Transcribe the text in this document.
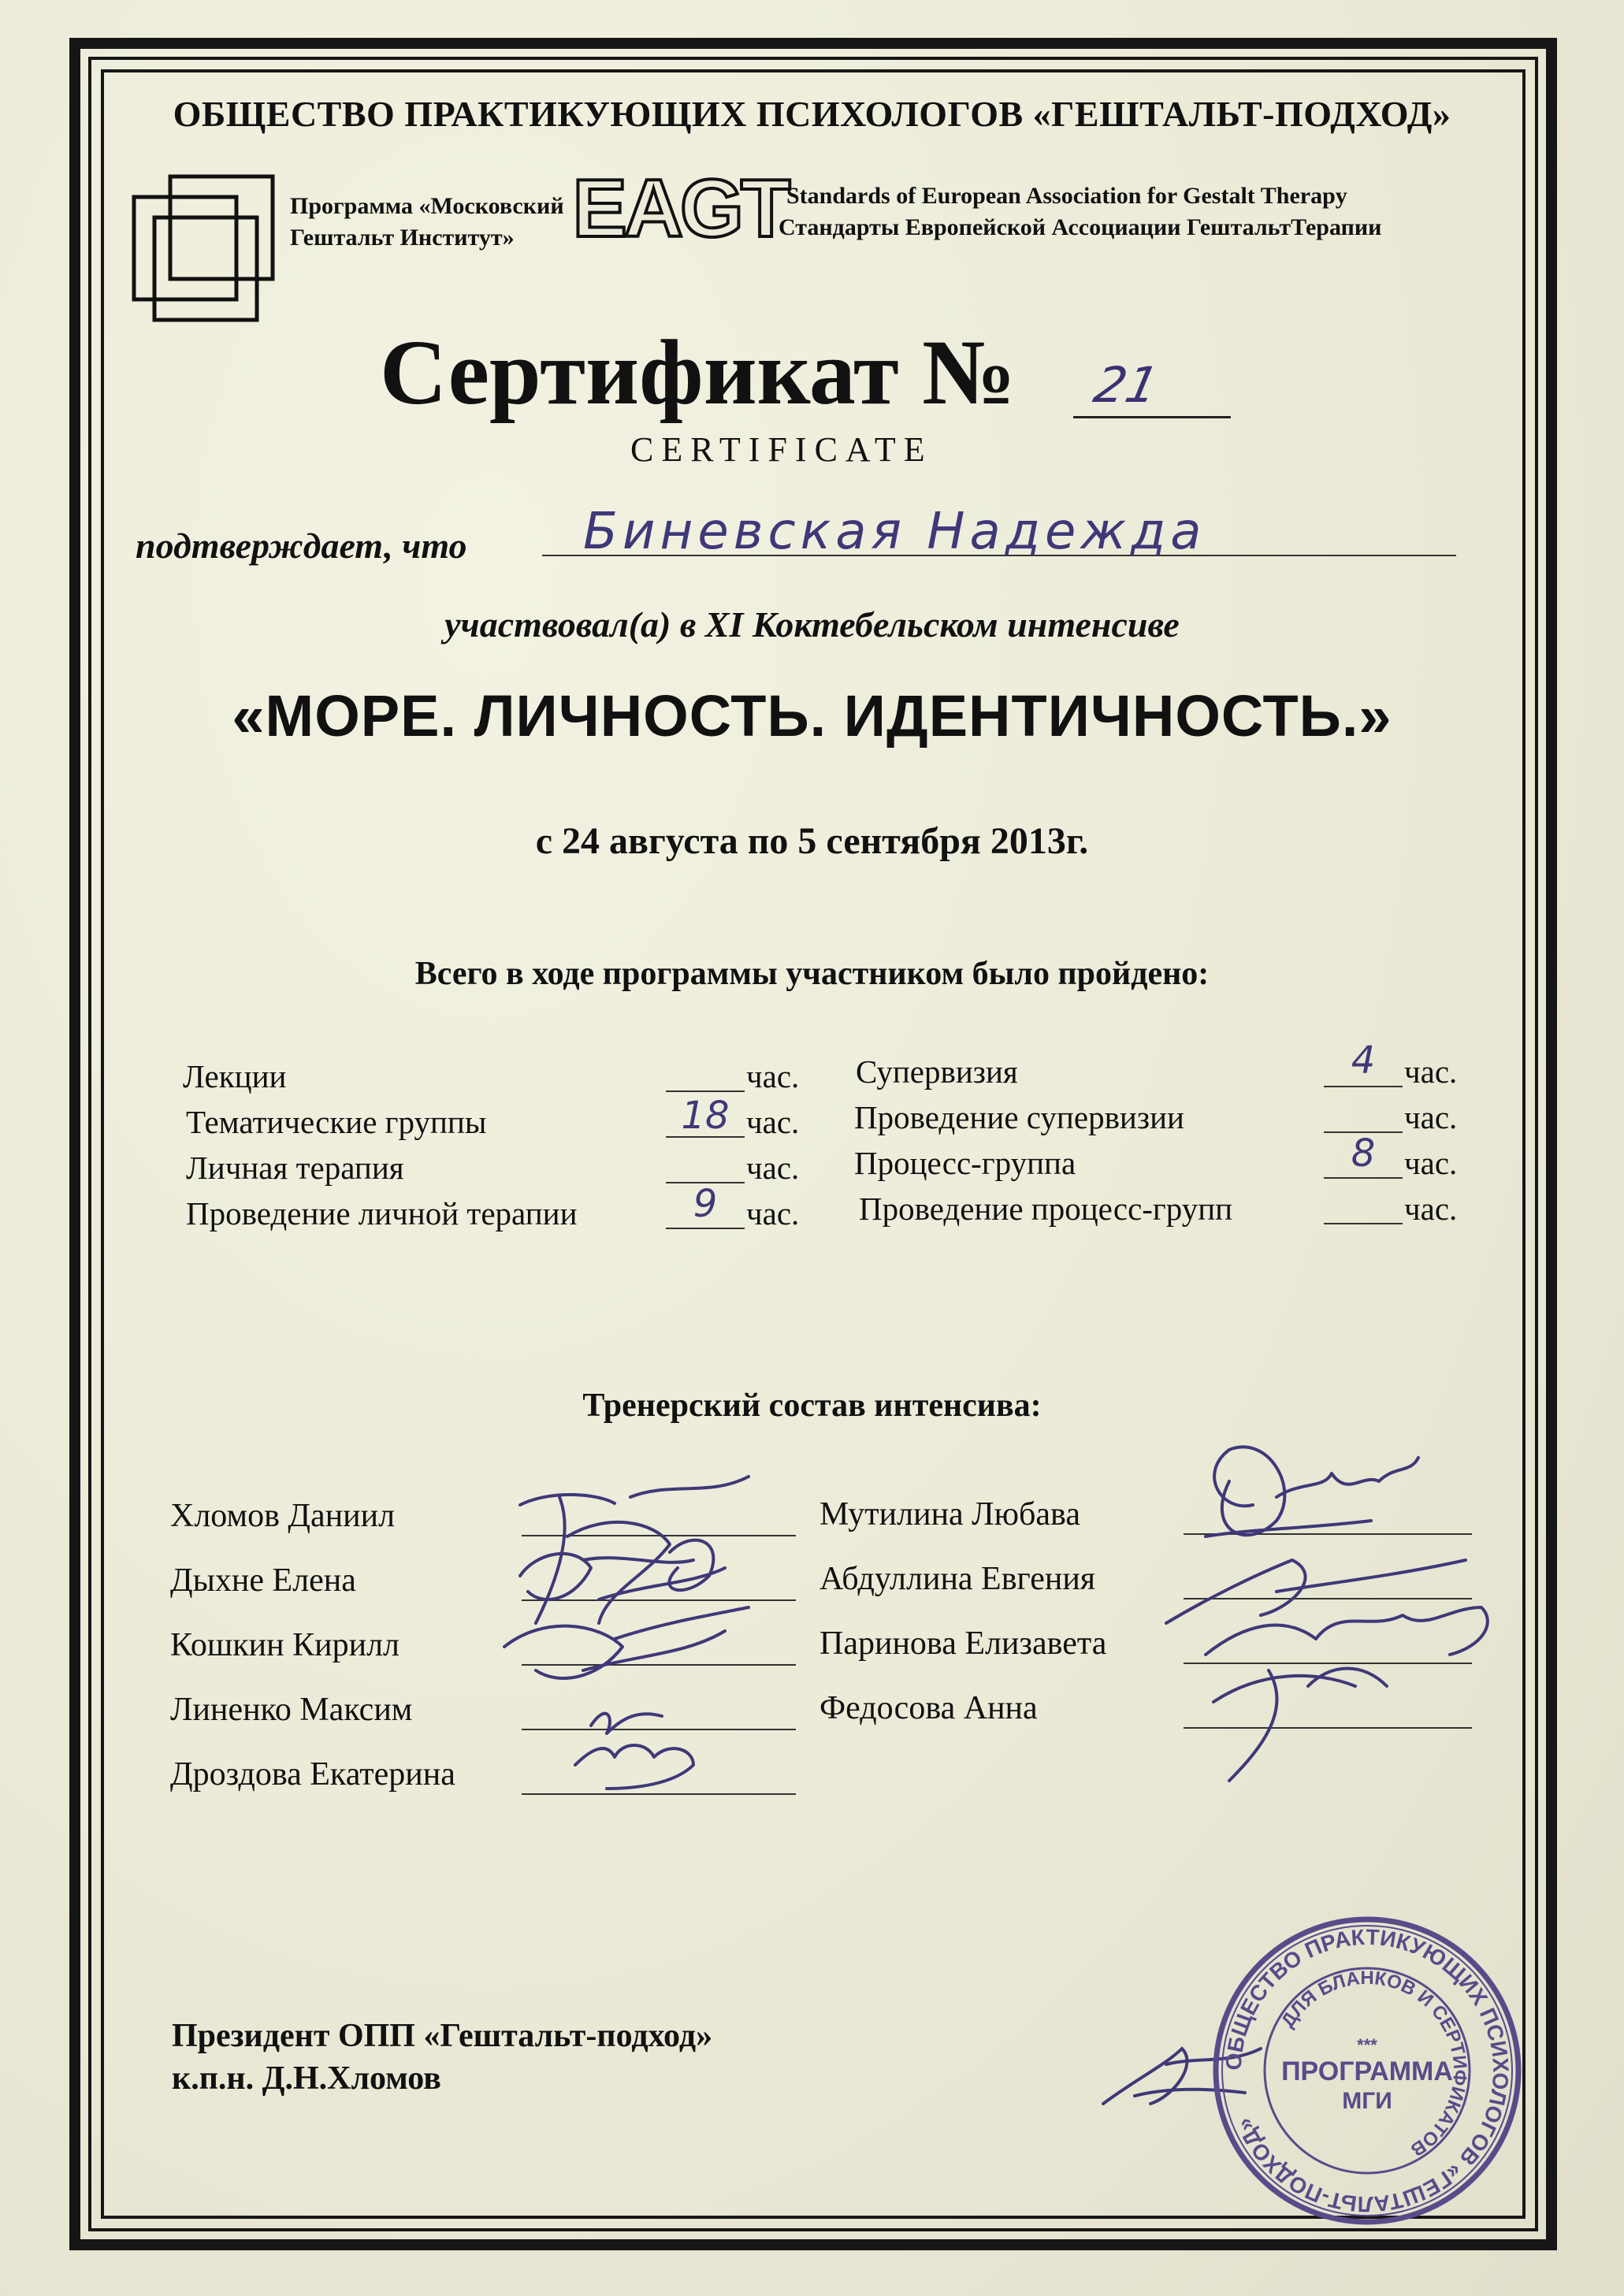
ОБЩЕСТВО ПРАКТИКУЮЩИХ ПСИХОЛОГОВ «ГЕШТАЛЬТ-ПОДХОД»
Программа «Московский
Гештальт Институт» EAGT
Standards of European Association for Gestalt Therapy
Стандарты Европейской Ассоциации ГештальтТерапии
Сертификат № 21
CERTIFICATE
подтверждает, что Биневская Надежда
участвовал(а) в XI Коктебельском интенсиве
«МОРЕ. ЛИЧНОСТЬ. ИДЕНТИЧНОСТЬ.»
с 24 августа по 5 сентября 2013г.
Всего в ходе программы участником было пройдено:
Лекции	час.
Тематические группы	18 час.
Личная терапия	час.
Проведение личной терапии	9 час.
Супервизия	4 час.
Проведение супервизии	час.
Процесс-группа	8 час.
Проведение процесс-групп	час.
Тренерский состав интенсива:
Хломов Даниил
Дыхне Елена
Кошкин Кирилл
Линенко Максим
Дроздова Екатерина
Мутилина Любава
Абдуллина Евгения
Паринова Елизавета
Федосова Анна
Президент ОПП «Гештальт-подход»
к.п.н. Д.Н.Хломов	ОБЩЕСТВО ПРАКТИКУЮЩИХ ПСИХОЛОГОВ «ГЕШТАЛЬТ-ПОДХОД»
ДЛЯ БЛАНКОВ И СЕРТИФИКАТОВ
***
ПРОГРАММА
МГИ
